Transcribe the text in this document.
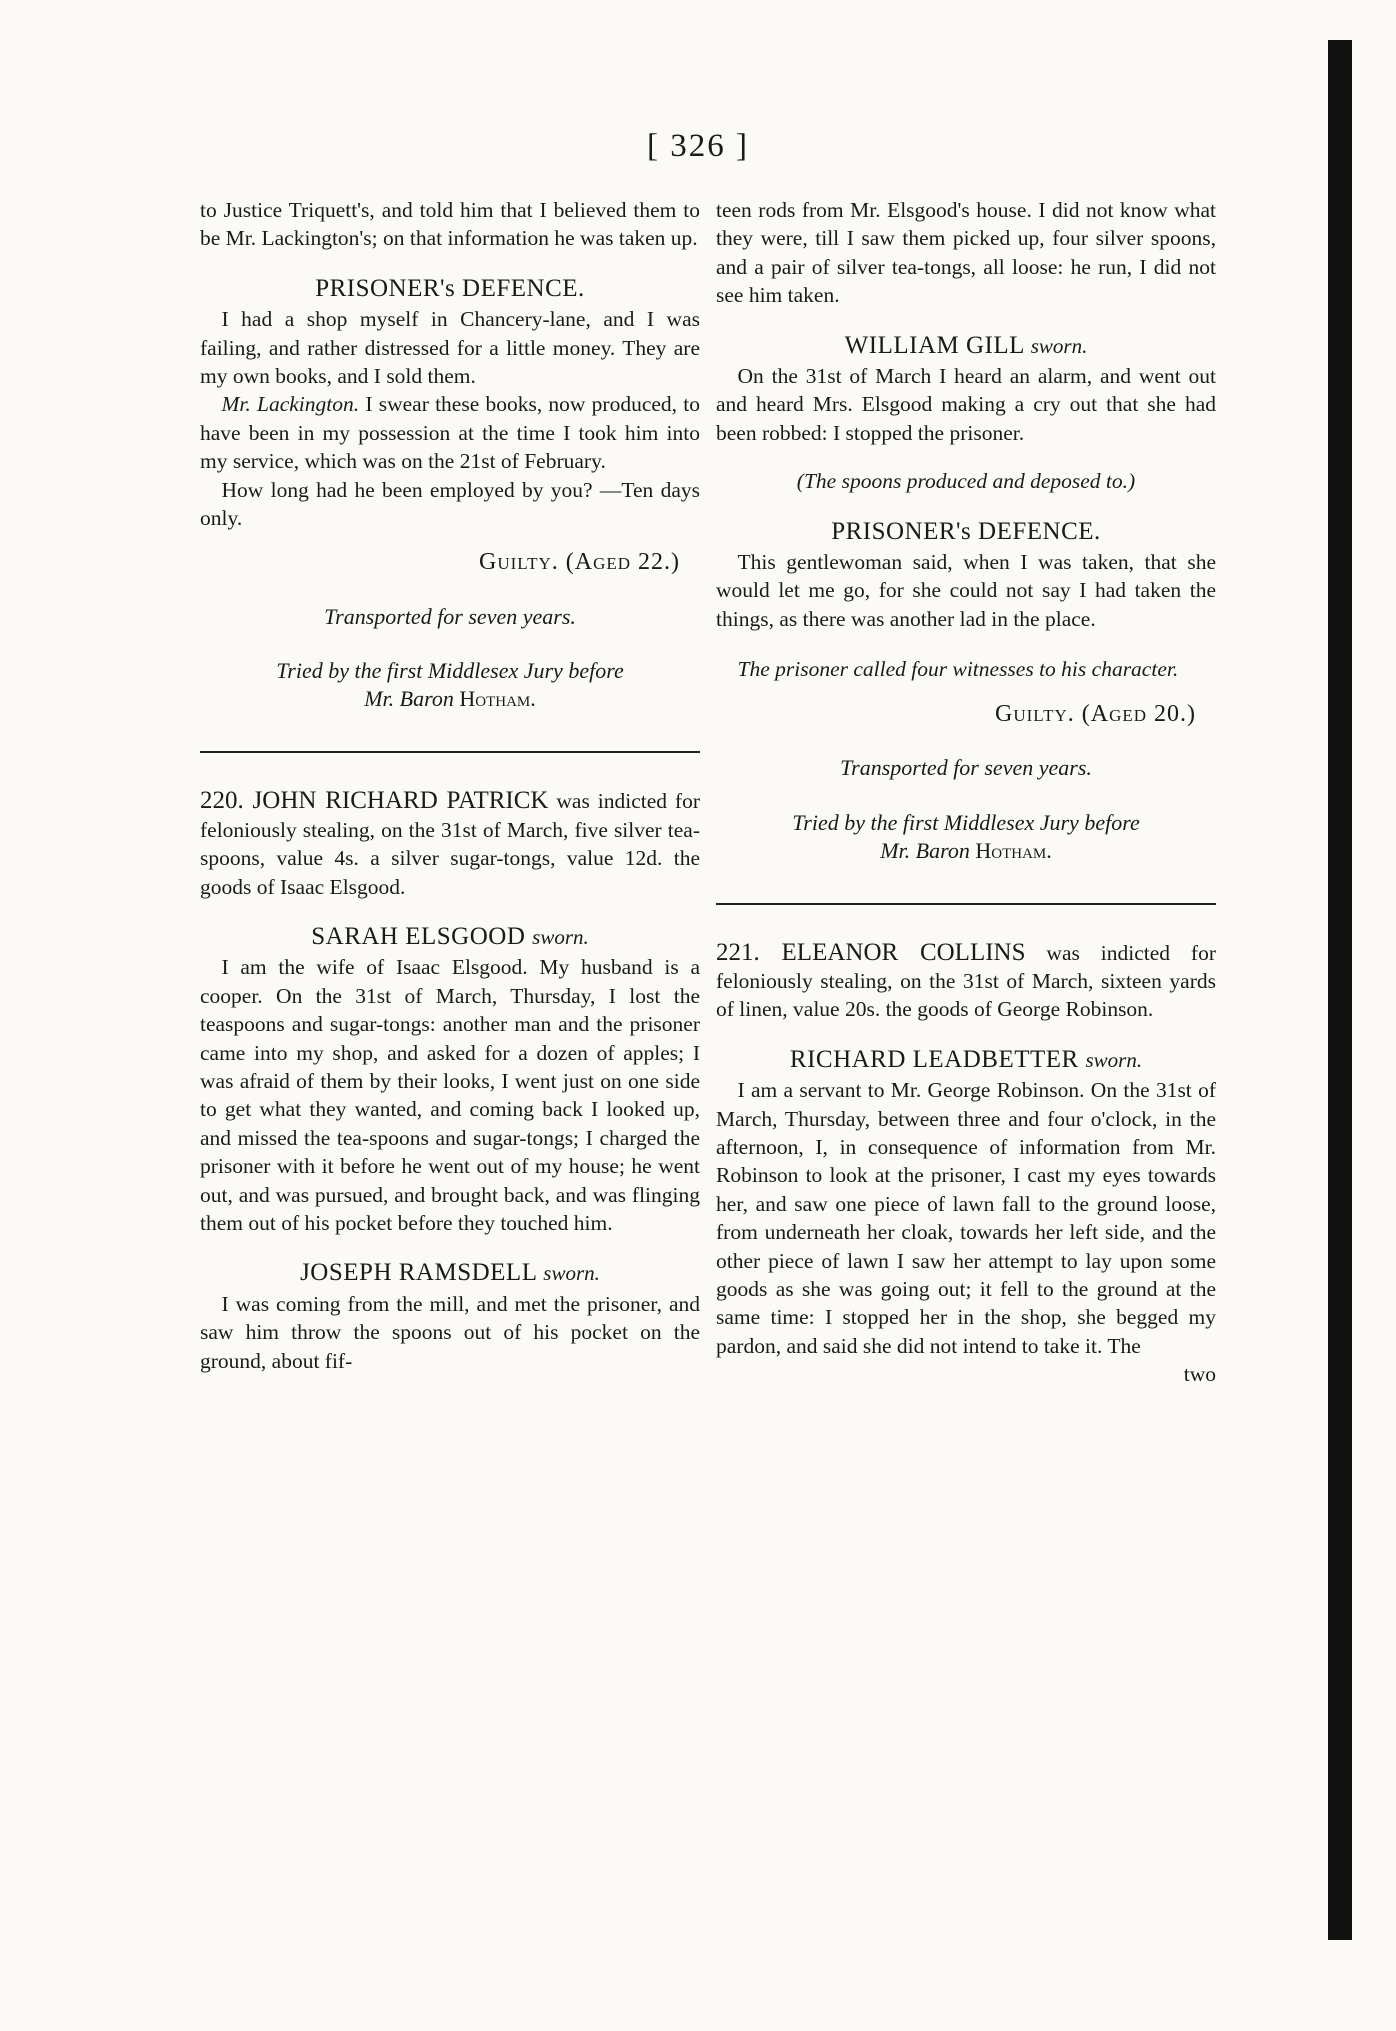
[ 326 ]

to Justice Triquett's, and told him that I believed them to be Mr. Lackington's; on that information he was taken up.

PRISONER's DEFENCE.

I had a shop myself in Chancery-lane, and I was failing, and rather distressed for a little money. They are my own books, and I sold them.

Mr. Lackington. I swear these books, now produced, to have been in my possession at the time I took him into my service, which was on the 21st of February.

How long had he been employed by you? —Ten days only.

Guilty. (Aged 22.)
Transported for seven years.
Tried by the first Middlesex Jury before
Mr. Baron Hotham.

220. JOHN RICHARD PATRICK was indicted for feloniously stealing, on the 31st of March, five silver tea-spoons, value 4s. a silver sugar-tongs, value 12d. the goods of Isaac Elsgood.

SARAH ELSGOOD sworn.

I am the wife of Isaac Elsgood. My husband is a cooper. On the 31st of March, Thursday, I lost the teaspoons and sugar-tongs: another man and the prisoner came into my shop, and asked for a dozen of apples; I was afraid of them by their looks, I went just on one side to get what they wanted, and coming back I looked up, and missed the tea-spoons and sugar-tongs; I charged the prisoner with it before he went out of my house; he went out, and was pursued, and brought back, and was flinging them out of his pocket before they touched him.

JOSEPH RAMSDELL sworn.

I was coming from the mill, and met the prisoner, and saw him throw the spoons out of his pocket on the ground, about fif-

teen rods from Mr. Elsgood's house. I did not know what they were, till I saw them picked up, four silver spoons, and a pair of silver tea-tongs, all loose: he run, I did not see him taken.

WILLIAM GILL sworn.

On the 31st of March I heard an alarm, and went out and heard Mrs. Elsgood making a cry out that she had been robbed: I stopped the prisoner.

(The spoons produced and deposed to.)
PRISONER's DEFENCE.

This gentlewoman said, when I was taken, that she would let me go, for she could not say I had taken the things, as there was another lad in the place.

The prisoner called four witnesses to his character.

Guilty. (Aged 20.)
Transported for seven years.
Tried by the first Middlesex Jury before
Mr. Baron Hotham.

221. ELEANOR COLLINS was indicted for feloniously stealing, on the 31st of March, sixteen yards of linen, value 20s. the goods of George Robinson.

RICHARD LEADBETTER sworn.

I am a servant to Mr. George Robinson. On the 31st of March, Thursday, between three and four o'clock, in the afternoon, I, in consequence of information from Mr. Robinson to look at the prisoner, I cast my eyes towards her, and saw one piece of lawn fall to the ground loose, from underneath her cloak, towards her left side, and the other piece of lawn I saw her attempt to lay upon some goods as she was going out; it fell to the ground at the same time: I stopped her in the shop, she begged my pardon, and said she did not intend to take it. The

two
